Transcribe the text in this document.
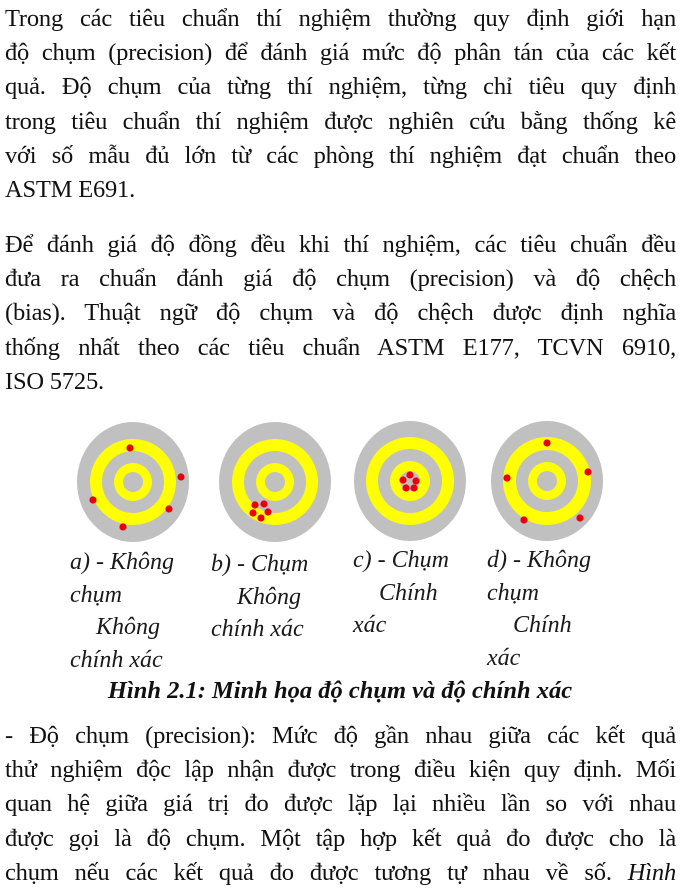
Trong các tiêu chuẩn thí nghiệm thường quy định giới hạn
độ chụm (precision) để đánh giá mức độ phân tán của các kết
quả. Độ chụm của từng thí nghiệm, từng chỉ tiêu quy định
trong tiêu chuẩn thí nghiệm được nghiên cứu bằng thống kê
với số mẫu đủ lớn từ các phòng thí nghiệm đạt chuẩn theo
ASTM E691.
Để đánh giá độ đồng đều khi thí nghiệm, các tiêu chuẩn đều
đưa ra chuẩn đánh giá độ chụm (precision) và độ chệch
(bias). Thuật ngữ độ chụm và độ chệch được định nghĩa
thống nhất theo các tiêu chuẩn ASTM E177, TCVN 6910,
ISO 5725.
a) - Không
chụm
Không
chính xác
b) - Chụm
Không
chính xác
c) - Chụm
Chính
xác
d) - Không
chụm
Chính
xác
Hình 2.1: Minh họa độ chụm và độ chính xác
- Độ chụm (precision): Mức độ gần nhau giữa các kết quả
thử nghiệm độc lập nhận được trong điều kiện quy định. Mối
quan hệ giữa giá trị đo được lặp lại nhiều lần so với nhau
được gọi là độ chụm. Một tập hợp kết quả đo được cho là
chụm nếu các kết quả đo được tương tự nhau về số. Hình
